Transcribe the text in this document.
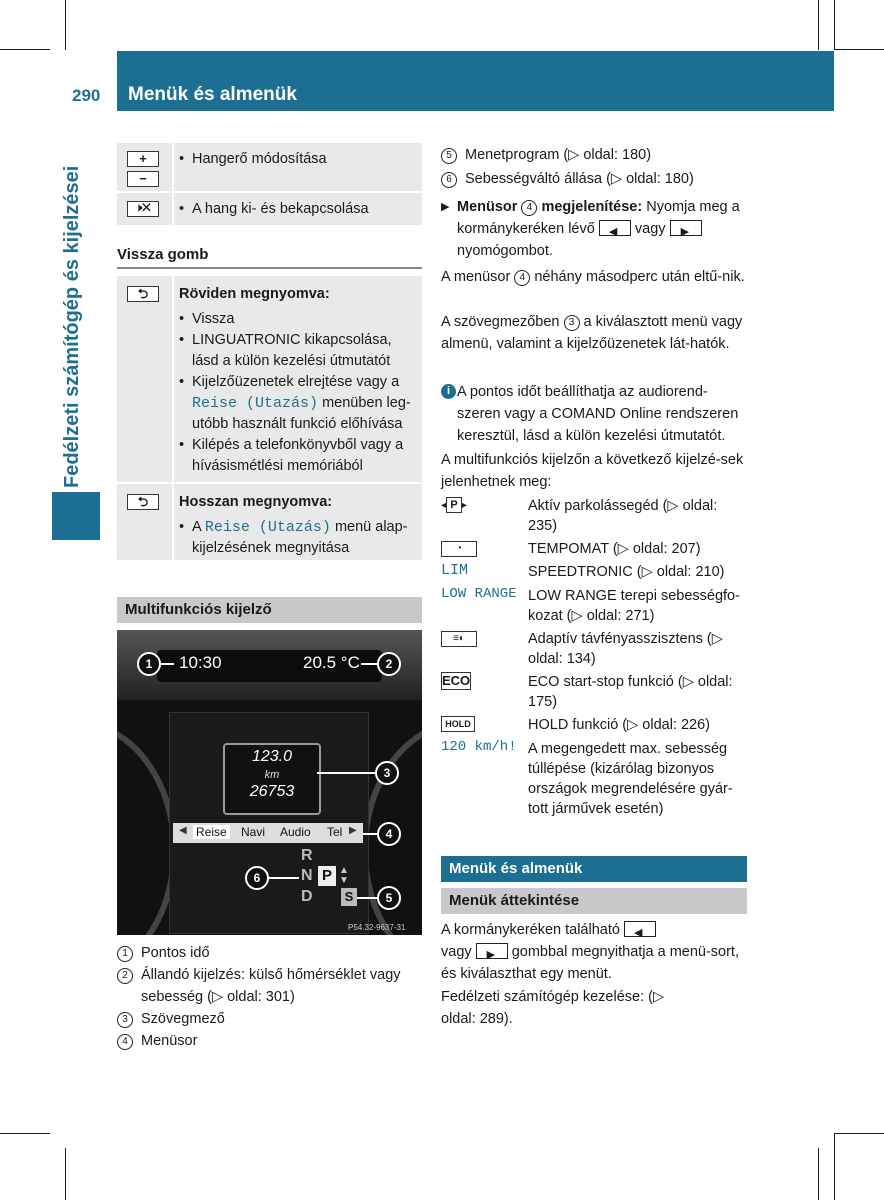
290 Menük és almenük
Fedélzeti számítógép és kijelzései
+
−
• Hangerő módosítása
🕨✕
•	A hang ki- és bekapcsolása
Vissza gomb
⮌	Röviden megnyomva:
• Vissza
• LINGUATRONIC kikapcsolása, lásd a külön kezelési útmutatót
• Kijelzőüzenetek elrejtése vagy a Reise (Utazás) menüben leg-utóbb használt funkció előhívása
• Kilépés a telefonkönyvből vagy a hívásismétlési memóriából
⮌	Hosszan megnyomva:
• A Reise (Utazás) menü alap-kijelzésének megnyitása
Multifunkciós kijelző
10:30	20.5 °C
123.0
km
26753
◀ Reise Navi Audio Tel ▶
R
N
D
P ▲
▼
S
P54.32-9637-31
1	2
3
4
5
6
1 Pontos idő
2 Állandó kijelzés: külső hőmérséklet vagy sebesség (▷ oldal: 301)
3 Szövegmező
4 Menüsor
5 Menetprogram (▷ oldal: 180)
6 Sebességváltó állása (▷ oldal: 180)
▶ Menüsor 4 megjelenítése: Nyomja meg a kormánykeréken lévő ◀ vagy ▶
nyomógombot.
A menüsor 4 néhány másodperc után eltű-nik.
A szövegmezőben 3 a kiválasztott menü vagy almenü, valamint a kijelzőüzenetek lát-hatók.
i A pontos időt beállíthatja az audiorend-szeren vagy a COMAND Online rendszeren keresztül, lásd a külön kezelési útmutatót.
A multifunkciós kijelzőn a következő kijelzé-sek jelenhetnek meg:
◂ P ▸	Aktív parkolássegéd (▷ oldal: 235)
◔	TEMPOMAT (▷ oldal: 207)
LIM	SPEEDTRONIC (▷ oldal: 210)
LOW RANGE LOW RANGE terepi sebességfo-kozat (▷ oldal: 271)
≡◐	Adaptív távfényasszisztens (▷ oldal: 134)
ECO	ECO start-stop funkció (▷ oldal: 175)
HOLD	HOLD funkció (▷ oldal: 226)
120 km/h! A megengedett max. sebesség túllépése (kizárólag bizonyos országok megrendelésére gyár-tott járművek esetén)
Menük és almenük
Menük áttekintése
A kormánykeréken található ◀

vagy ▶ gombbal megnyithatja a menü-sort, és kiválaszthat egy menüt.
Fedélzeti számítógép kezelése: (▷ oldal: 289).
